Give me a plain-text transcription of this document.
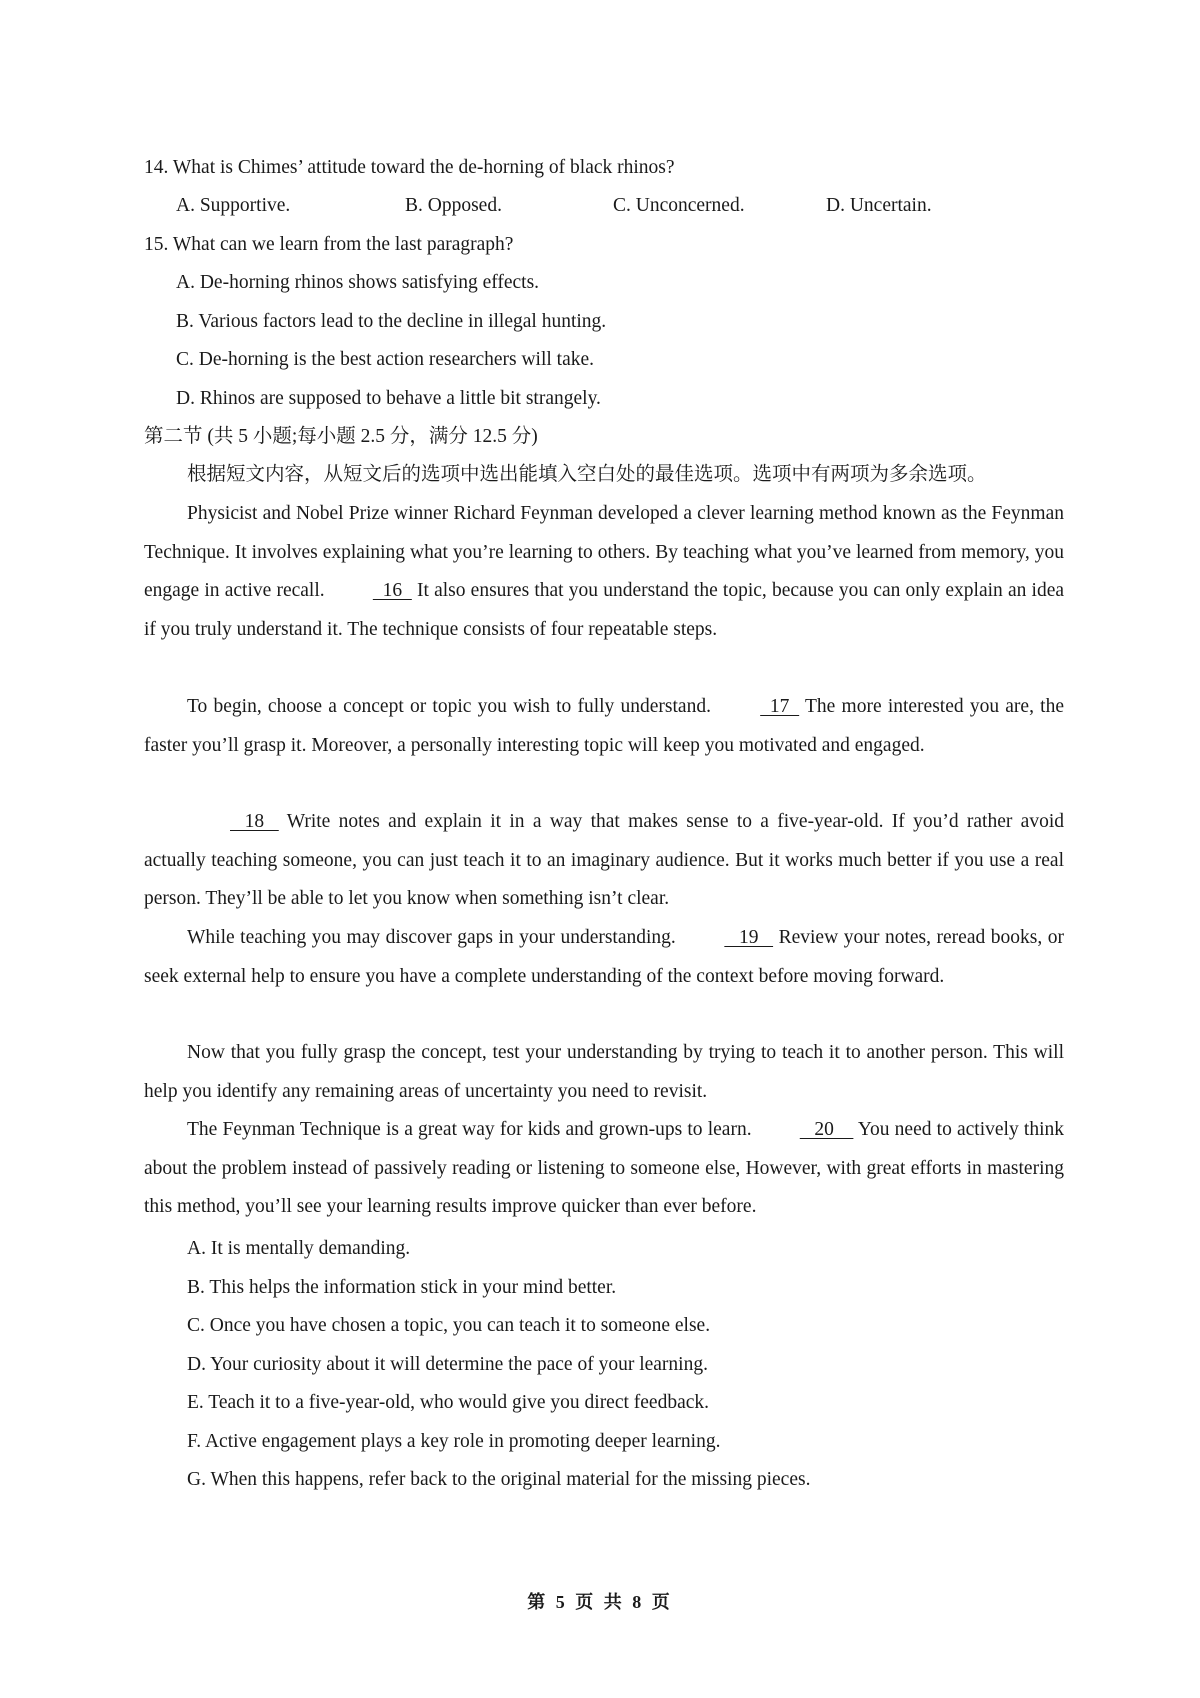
14. What is Chimes’ attitude toward the de-horning of black rhinos?
A. Supportive.	B. Opposed.	C. Unconcerned.	D. Uncertain.
15. What can we learn from the last paragraph?
A. De-horning rhinos shows satisfying effects.
B. Various factors lead to the decline in illegal hunting.
C. De-horning is the best action researchers will take.
D. Rhinos are supposed to behave a little bit strangely.
第二节 (共 5 小题;每小题 2.5 分，满分 12.5 分)
根据短文内容，从短文后的选项中选出能填入空白处的最佳选项。选项中有两项为多余选项。
Physicist and Nobel Prize winner Richard Feynman developed a clever learning method known as the Feynman Technique. It involves explaining what you’re learning to others. By teaching what you’ve learned from memory, you engage in active recall.   16   It also ensures that you understand the topic, because you can only explain an idea if you truly understand it. The technique consists of four repeatable steps.
To begin, choose a concept or topic you wish to fully understand.   17   The more interested you are, the faster you’ll grasp it. Moreover, a personally interesting topic will keep you motivated and engaged.
18    Write notes and explain it in a way that makes sense to a five-year-old. If you’d rather avoid actually teaching someone, you can just teach it to an imaginary audience. But it works much better if you use a real person. They’ll be able to let you know when something isn’t clear.
While teaching you may discover gaps in your understanding.    19    Review your notes, reread books, or seek external help to ensure you have a complete understanding of the context before moving forward.
Now that you fully grasp the concept, test your understanding by trying to teach it to another person. This will help you identify any remaining areas of uncertainty you need to revisit.
The Feynman Technique is a great way for kids and grown-ups to learn.    20     You need to actively think about the problem instead of passively reading or listening to someone else, However, with great efforts in mastering this method, you’ll see your learning results improve quicker than ever before.
A. It is mentally demanding.
B. This helps the information stick in your mind better.
C. Once you have chosen a topic, you can teach it to someone else.
D. Your curiosity about it will determine the pace of your learning.
E. Teach it to a five-year-old, who would give you direct feedback.
F. Active engagement plays a key role in promoting deeper learning.
G. When this happens, refer back to the original material for the missing pieces.
第 5 页 共 8 页
